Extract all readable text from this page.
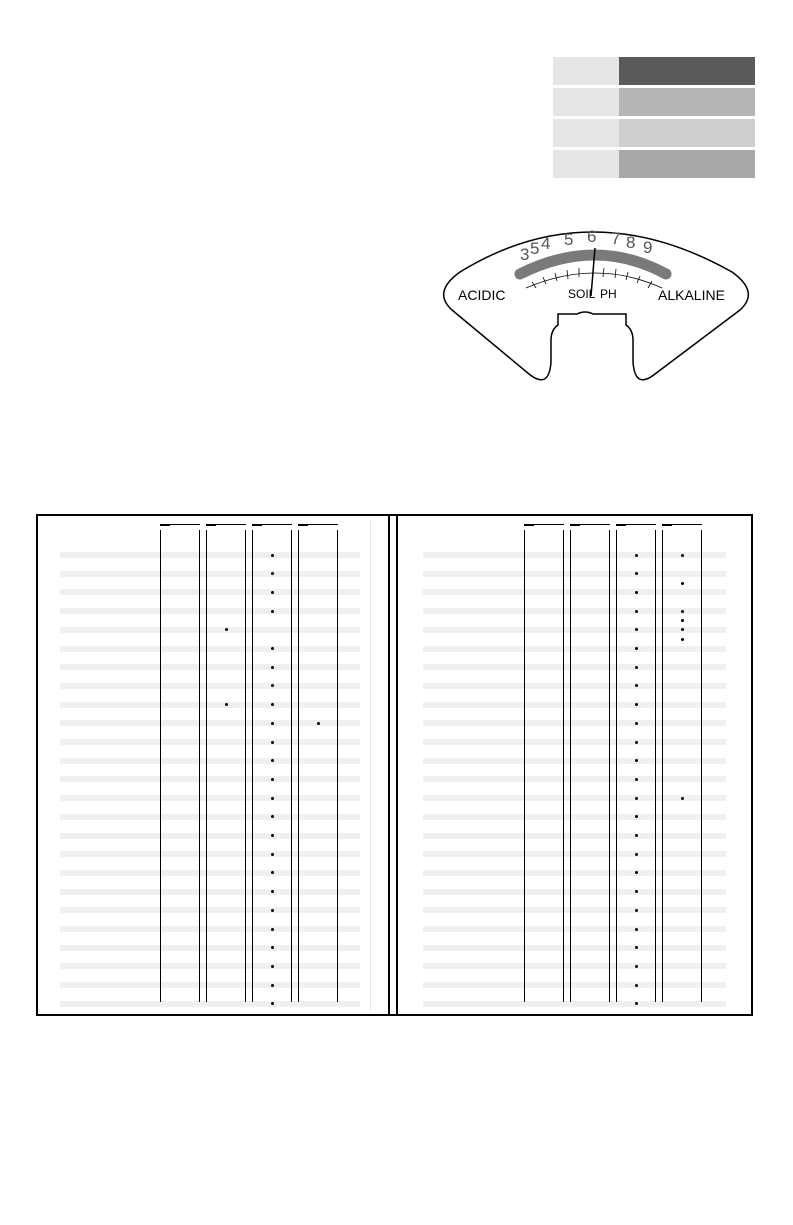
3 5 4 5 6 7 8 9
SOIL PH
ACIDIC	ALKALINE
